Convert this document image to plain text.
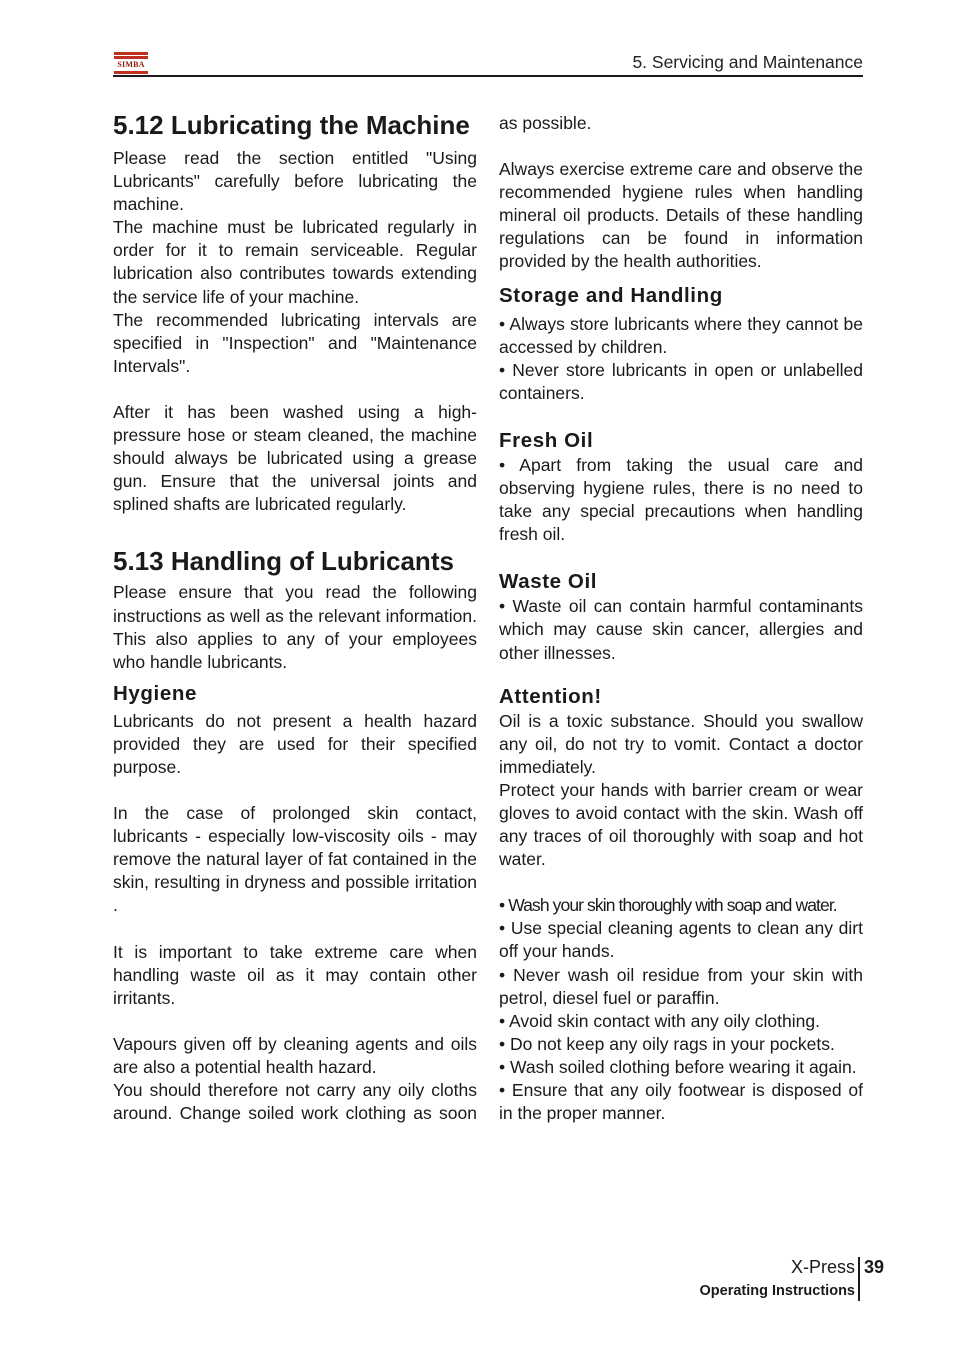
SIMBA	5. Servicing and Maintenance
5.12 Lubricating the Machine

Please read the section entitled "Using Lubricants" carefully before lubricating the machine.

The machine must be lubricated regularly in order for it to remain serviceable. Regular lubrication also contributes towards extending the service life of your machine.

The recommended lubricating intervals are specified in "Inspection" and "Maintenance Intervals".

After it has been washed using a high-pressure hose or steam cleaned, the machine should always be lubricated using a grease gun. Ensure that the universal joints and splined shafts are lubricated regularly.

5.13 Handling of Lubricants

Please ensure that you read the following instructions as well as the relevant information. This also applies to any of your employees who handle lubricants.

Hygiene

Lubricants do not present a health hazard provided they are used for their specified purpose.

In the case of prolonged skin contact, lubricants - especially low-viscosity oils - may remove the natural layer of fat contained in the skin, resulting in dryness and possible irritation .

It is important to take extreme care when handling waste oil as it may contain other irritants.

Vapours given off by cleaning agents and oils are also a potential health hazard.

You should therefore not carry any oily cloths around. Change soiled work clothing as soon

as possible.

Always exercise extreme care and observe the recommended hygiene rules when handling mineral oil products. Details of these handling regulations can be found in information provided by the health authorities.

Storage and Handling

• Always store lubricants where they cannot be accessed by children.

• Never store lubricants in open or unlabelled containers.

Fresh Oil

• Apart from taking the usual care and observing hygiene rules, there is no need to take any special precautions when handling fresh oil.

Waste Oil

• Waste oil can contain harmful contaminants which may cause skin cancer, allergies and other illnesses.

Attention!

Oil is a toxic substance. Should you swallow any oil, do not try to vomit. Contact a doctor immediately.

Protect your hands with barrier cream or wear gloves to avoid contact with the skin. Wash off any traces of oil thoroughly with soap and hot water.

• Wash your skin thoroughly with soap and water.

• Use special cleaning agents to clean any dirt off your hands.

• Never wash oil residue from your skin with petrol, diesel fuel or paraffin.

• Avoid skin contact with any oily clothing.

• Do not keep any oily rags in your pockets.

• Wash soiled clothing before wearing it again.

• Ensure that any oily footwear is disposed of in the proper manner.

X-Press 39
Operating Instructions
